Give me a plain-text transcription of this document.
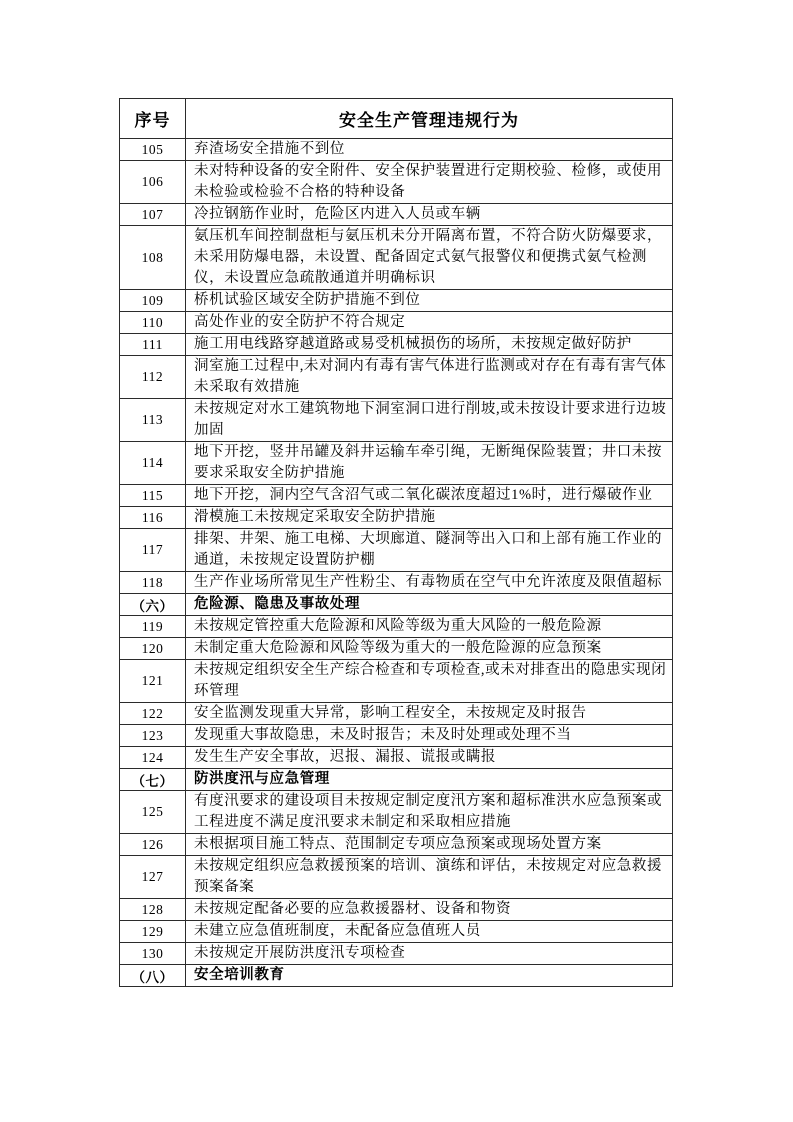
序号	安全生产管理违规行为
105	弃渣场安全措施不到位
106	未对特种设备的安全附件、安全保护装置进行定期校验、检修，或使用未检验或检验不合格的特种设备
107	冷拉钢筋作业时，危险区内进入人员或车辆
108	氨压机车间控制盘柜与氨压机未分开隔离布置，不符合防火防爆要求，未采用防爆电器，未设置、配备固定式氨气报警仪和便携式氨气检测仪，未设置应急疏散通道并明确标识
109	桥机试验区域安全防护措施不到位
110	高处作业的安全防护不符合规定
111	施工用电线路穿越道路或易受机械损伤的场所，未按规定做好防护
112	洞室施工过程中,未对洞内有毒有害气体进行监测或对存在有毒有害气体未采取有效措施
113	未按规定对水工建筑物地下洞室洞口进行削坡,或未按设计要求进行边坡加固
114	地下开挖，竖井吊罐及斜井运输车牵引绳，无断绳保险装置；井口未按要求采取安全防护措施
115	地下开挖，洞内空气含沼气或二氧化碳浓度超过1%时，进行爆破作业
116	滑模施工未按规定采取安全防护措施
117	排架、井架、施工电梯、大坝廊道、隧洞等出入口和上部有施工作业的通道，未按规定设置防护棚
118	生产作业场所常见生产性粉尘、有毒物质在空气中允许浓度及限值超标
（六）	危险源、隐患及事故处理
119	未按规定管控重大危险源和风险等级为重大风险的一般危险源
120	未制定重大危险源和风险等级为重大的一般危险源的应急预案
121	未按规定组织安全生产综合检查和专项检查,或未对排查出的隐患实现闭环管理
122	安全监测发现重大异常，影响工程安全，未按规定及时报告
123	发现重大事故隐患，未及时报告；未及时处理或处理不当
124	发生生产安全事故，迟报、漏报、谎报或瞒报
（七）	防洪度汛与应急管理
125	有度汛要求的建设项目未按规定制定度汛方案和超标准洪水应急预案或工程进度不满足度汛要求未制定和采取相应措施
126	未根据项目施工特点、范围制定专项应急预案或现场处置方案
127	未按规定组织应急救援预案的培训、演练和评估，未按规定对应急救援预案备案
128	未按规定配备必要的应急救援器材、设备和物资
129	未建立应急值班制度，未配备应急值班人员
130	未按规定开展防洪度汛专项检查
（八）	安全培训教育
